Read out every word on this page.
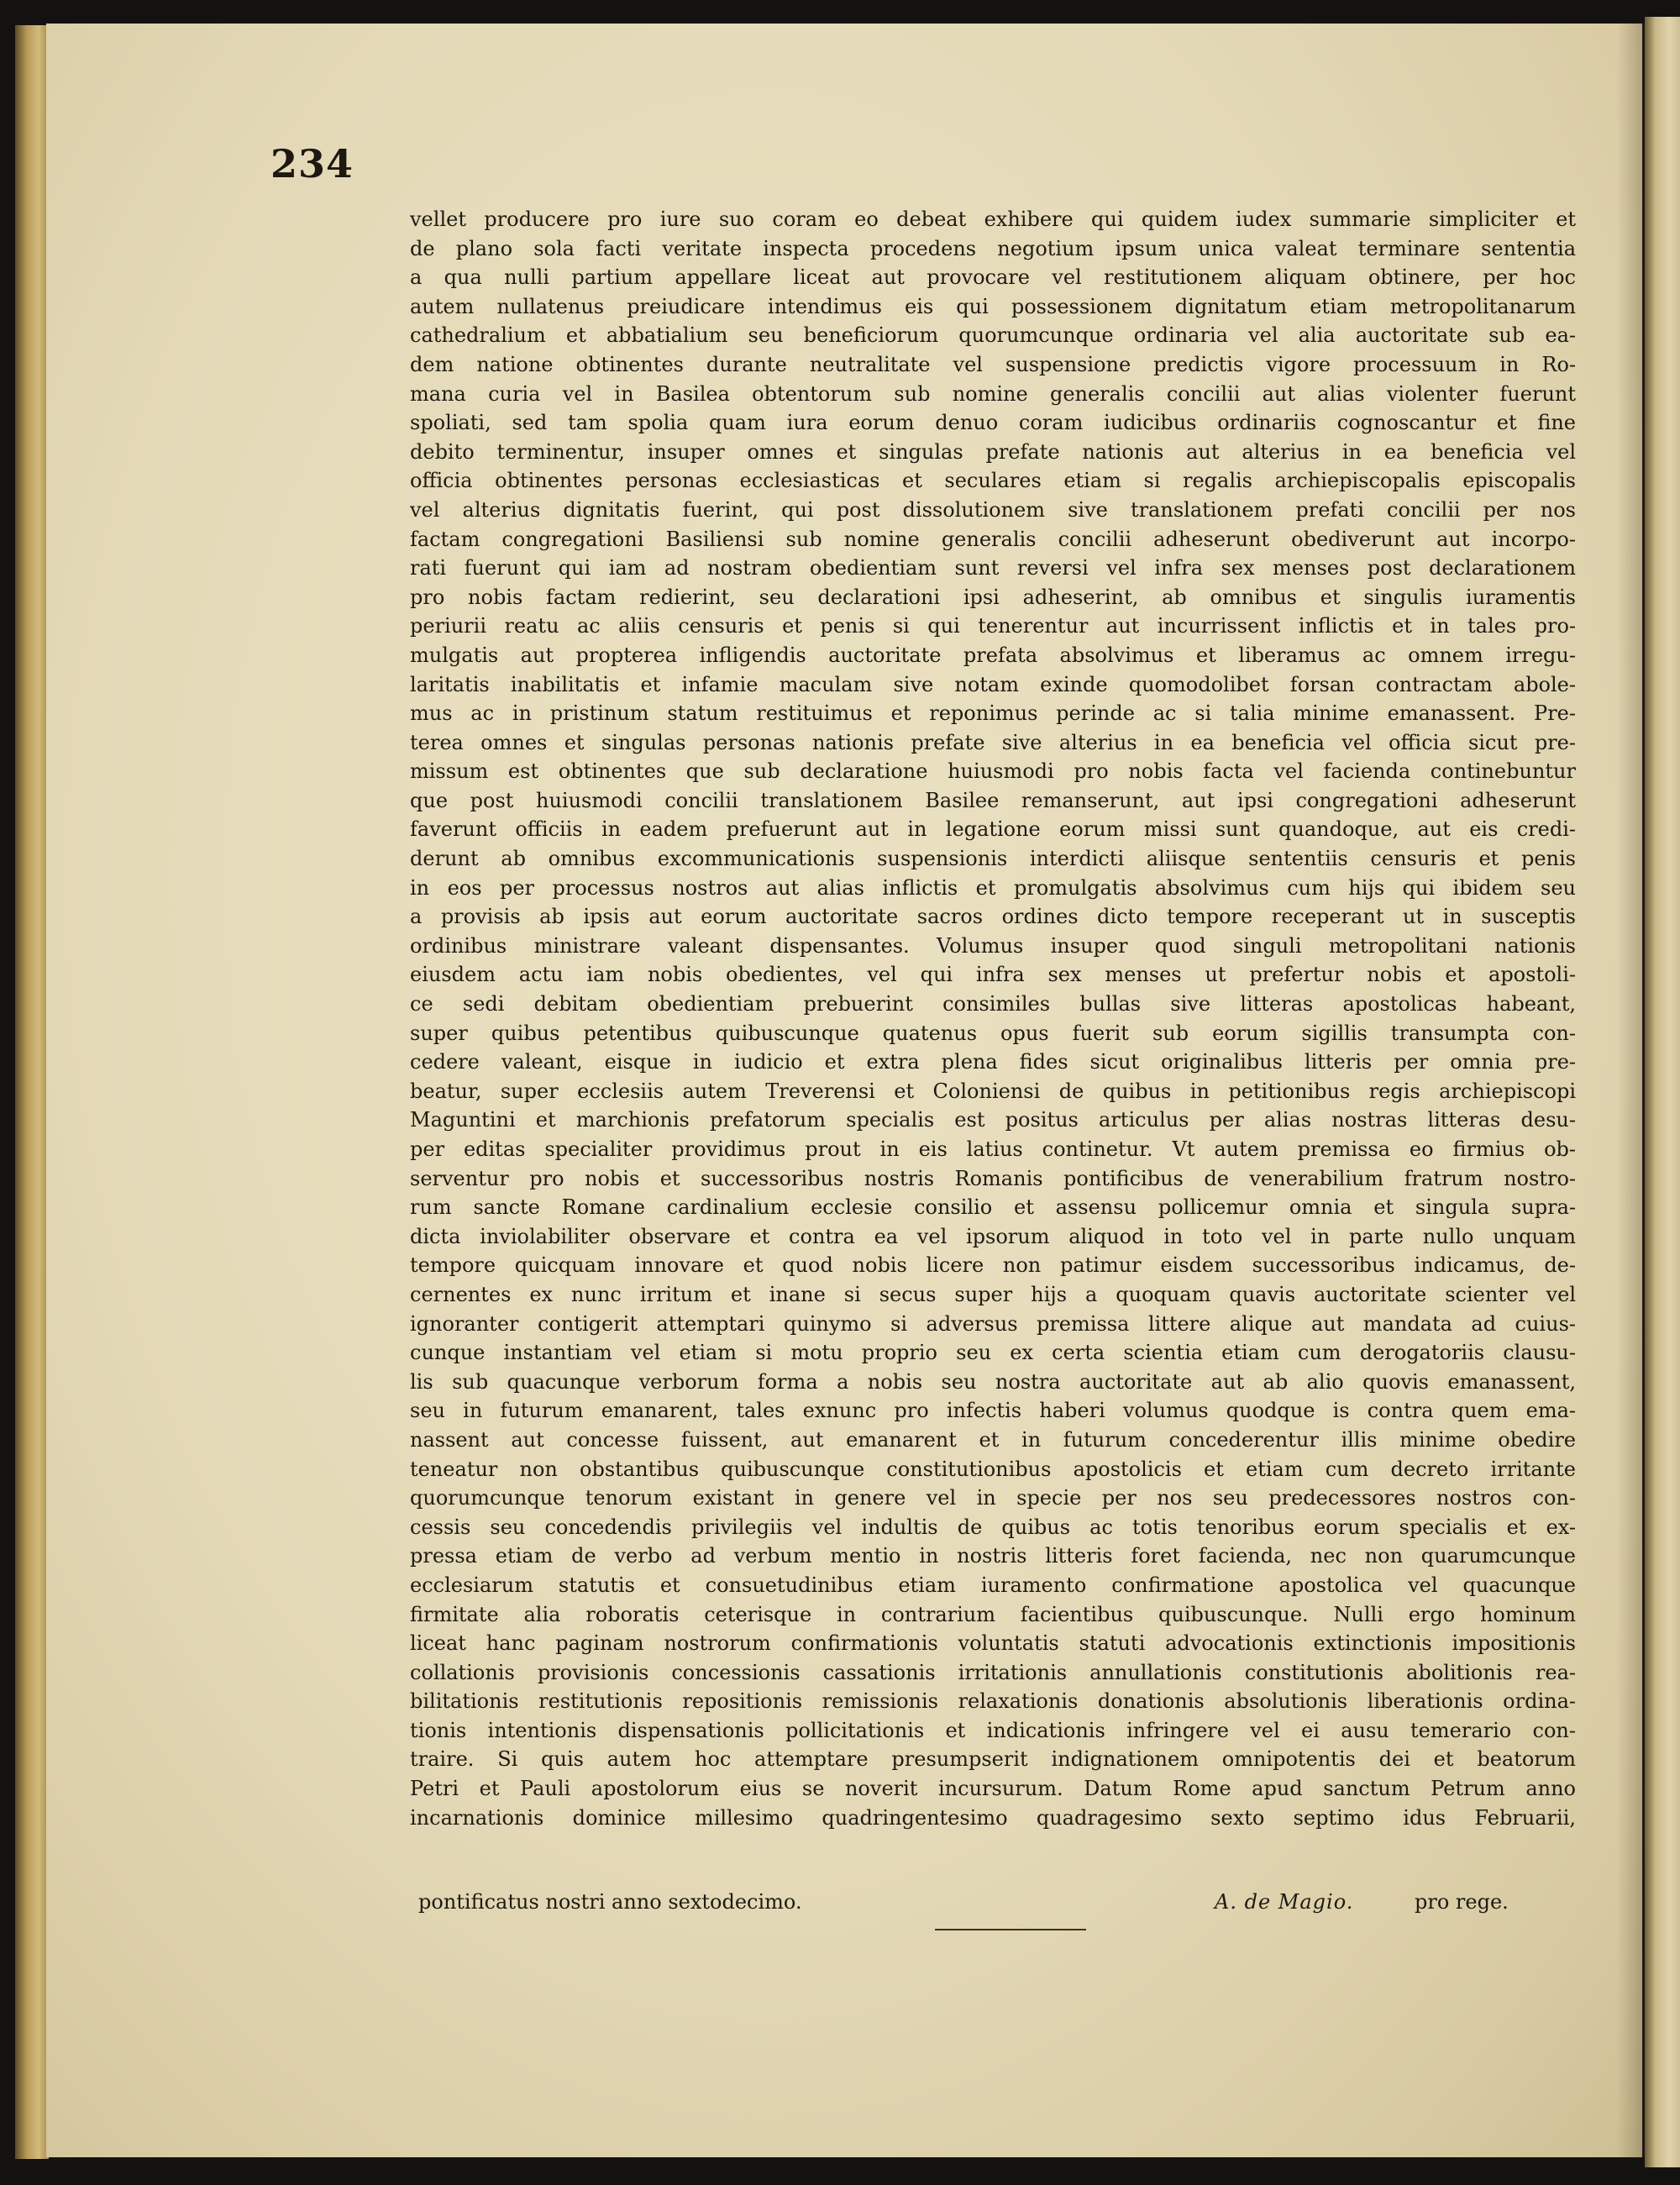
234
vellet producere pro iure suo coram eo debeat exhibere qui quidem iudex summarie simpliciter et
de plano sola facti veritate inspecta procedens negotium ipsum unica valeat terminare sententia
a qua nulli partium appellare liceat aut provocare vel restitutionem aliquam obtinere, per hoc
autem nullatenus preiudicare intendimus eis qui possessionem dignitatum etiam metropolitanarum
cathedralium et abbatialium seu beneficiorum quorumcunque ordinaria vel alia auctoritate sub ea-
dem natione obtinentes durante neutralitate vel suspensione predictis vigore processuum in Ro-
mana curia vel in Basilea obtentorum sub nomine generalis concilii aut alias violenter fuerunt
spoliati, sed tam spolia quam iura eorum denuo coram iudicibus ordinariis cognoscantur et fine
debito terminentur, insuper omnes et singulas prefate nationis aut alterius in ea beneficia vel
officia obtinentes personas ecclesiasticas et seculares etiam si regalis archiepiscopalis episcopalis
vel alterius dignitatis fuerint, qui post dissolutionem sive translationem prefati concilii per nos
factam congregationi Basiliensi sub nomine generalis concilii adheserunt obediverunt aut incorpo-
rati fuerunt qui iam ad nostram obedientiam sunt reversi vel infra sex menses post declarationem
pro nobis factam redierint, seu declarationi ipsi adheserint, ab omnibus et singulis iuramentis
periurii reatu ac aliis censuris et penis si qui tenerentur aut incurrissent inflictis et in tales pro-
mulgatis aut propterea infligendis auctoritate prefata absolvimus et liberamus ac omnem irregu-
laritatis inabilitatis et infamie maculam sive notam exinde quomodolibet forsan contractam abole-
mus ac in pristinum statum restituimus et reponimus perinde ac si talia minime emanassent. Pre-
terea omnes et singulas personas nationis prefate sive alterius in ea beneficia vel officia sicut pre-
missum est obtinentes que sub declaratione huiusmodi pro nobis facta vel facienda continebuntur
que post huiusmodi concilii translationem Basilee remanserunt, aut ipsi congregationi adheserunt
faverunt officiis in eadem prefuerunt aut in legatione eorum missi sunt quandoque, aut eis credi-
derunt ab omnibus excommunicationis suspensionis interdicti aliisque sententiis censuris et penis
in eos per processus nostros aut alias inflictis et promulgatis absolvimus cum hijs qui ibidem seu
a provisis ab ipsis aut eorum auctoritate sacros ordines dicto tempore receperant ut in susceptis
ordinibus ministrare valeant dispensantes. Volumus insuper quod singuli metropolitani nationis
eiusdem actu iam nobis obedientes, vel qui infra sex menses ut prefertur nobis et apostoli-
ce sedi debitam obedientiam prebuerint consimiles bullas sive litteras apostolicas habeant,
super quibus petentibus quibuscunque quatenus opus fuerit sub eorum sigillis transumpta con-
cedere valeant, eisque in iudicio et extra plena fides sicut originalibus litteris per omnia pre-
beatur, super ecclesiis autem Treverensi et Coloniensi de quibus in petitionibus regis archiepiscopi
Maguntini et marchionis prefatorum specialis est positus articulus per alias nostras litteras desu-
per editas specialiter providimus prout in eis latius continetur. Vt autem premissa eo firmius ob-
serventur pro nobis et successoribus nostris Romanis pontificibus de venerabilium fratrum nostro-
rum sancte Romane cardinalium ecclesie consilio et assensu pollicemur omnia et singula supra-
dicta inviolabiliter observare et contra ea vel ipsorum aliquod in toto vel in parte nullo unquam
tempore quicquam innovare et quod nobis licere non patimur eisdem successoribus indicamus, de-
cernentes ex nunc irritum et inane si secus super hijs a quoquam quavis auctoritate scienter vel
ignoranter contigerit attemptari quinymo si adversus premissa littere alique aut mandata ad cuius-
cunque instantiam vel etiam si motu proprio seu ex certa scientia etiam cum derogatoriis clausu-
lis sub quacunque verborum forma a nobis seu nostra auctoritate aut ab alio quovis emanassent,
seu in futurum emanarent, tales exnunc pro infectis haberi volumus quodque is contra quem ema-
nassent aut concesse fuissent, aut emanarent et in futurum concederentur illis minime obedire
teneatur non obstantibus quibuscunque constitutionibus apostolicis et etiam cum decreto irritante
quorumcunque tenorum existant in genere vel in specie per nos seu predecessores nostros con-
cessis seu concedendis privilegiis vel indultis de quibus ac totis tenoribus eorum specialis et ex-
pressa etiam de verbo ad verbum mentio in nostris litteris foret facienda, nec non quarumcunque
ecclesiarum statutis et consuetudinibus etiam iuramento confirmatione apostolica vel quacunque
firmitate alia roboratis ceterisque in contrarium facientibus quibuscunque. Nulli ergo hominum
liceat hanc paginam nostrorum confirmationis voluntatis statuti advocationis extinctionis impositionis
collationis provisionis concessionis cassationis irritationis annullationis constitutionis abolitionis rea-
bilitationis restitutionis repositionis remissionis relaxationis donationis absolutionis liberationis ordina-
tionis intentionis dispensationis pollicitationis et indicationis infringere vel ei ausu temerario con-
traire. Si quis autem hoc attemptare presumpserit indignationem omnipotentis dei et beatorum
Petri et Pauli apostolorum eius se noverit incursurum. Datum Rome apud sanctum Petrum anno
incarnationis dominice millesimo quadringentesimo quadragesimo sexto septimo idus Februarii,
pontificatus nostri anno sextodecimo.	A. de Magio.	pro rege.
